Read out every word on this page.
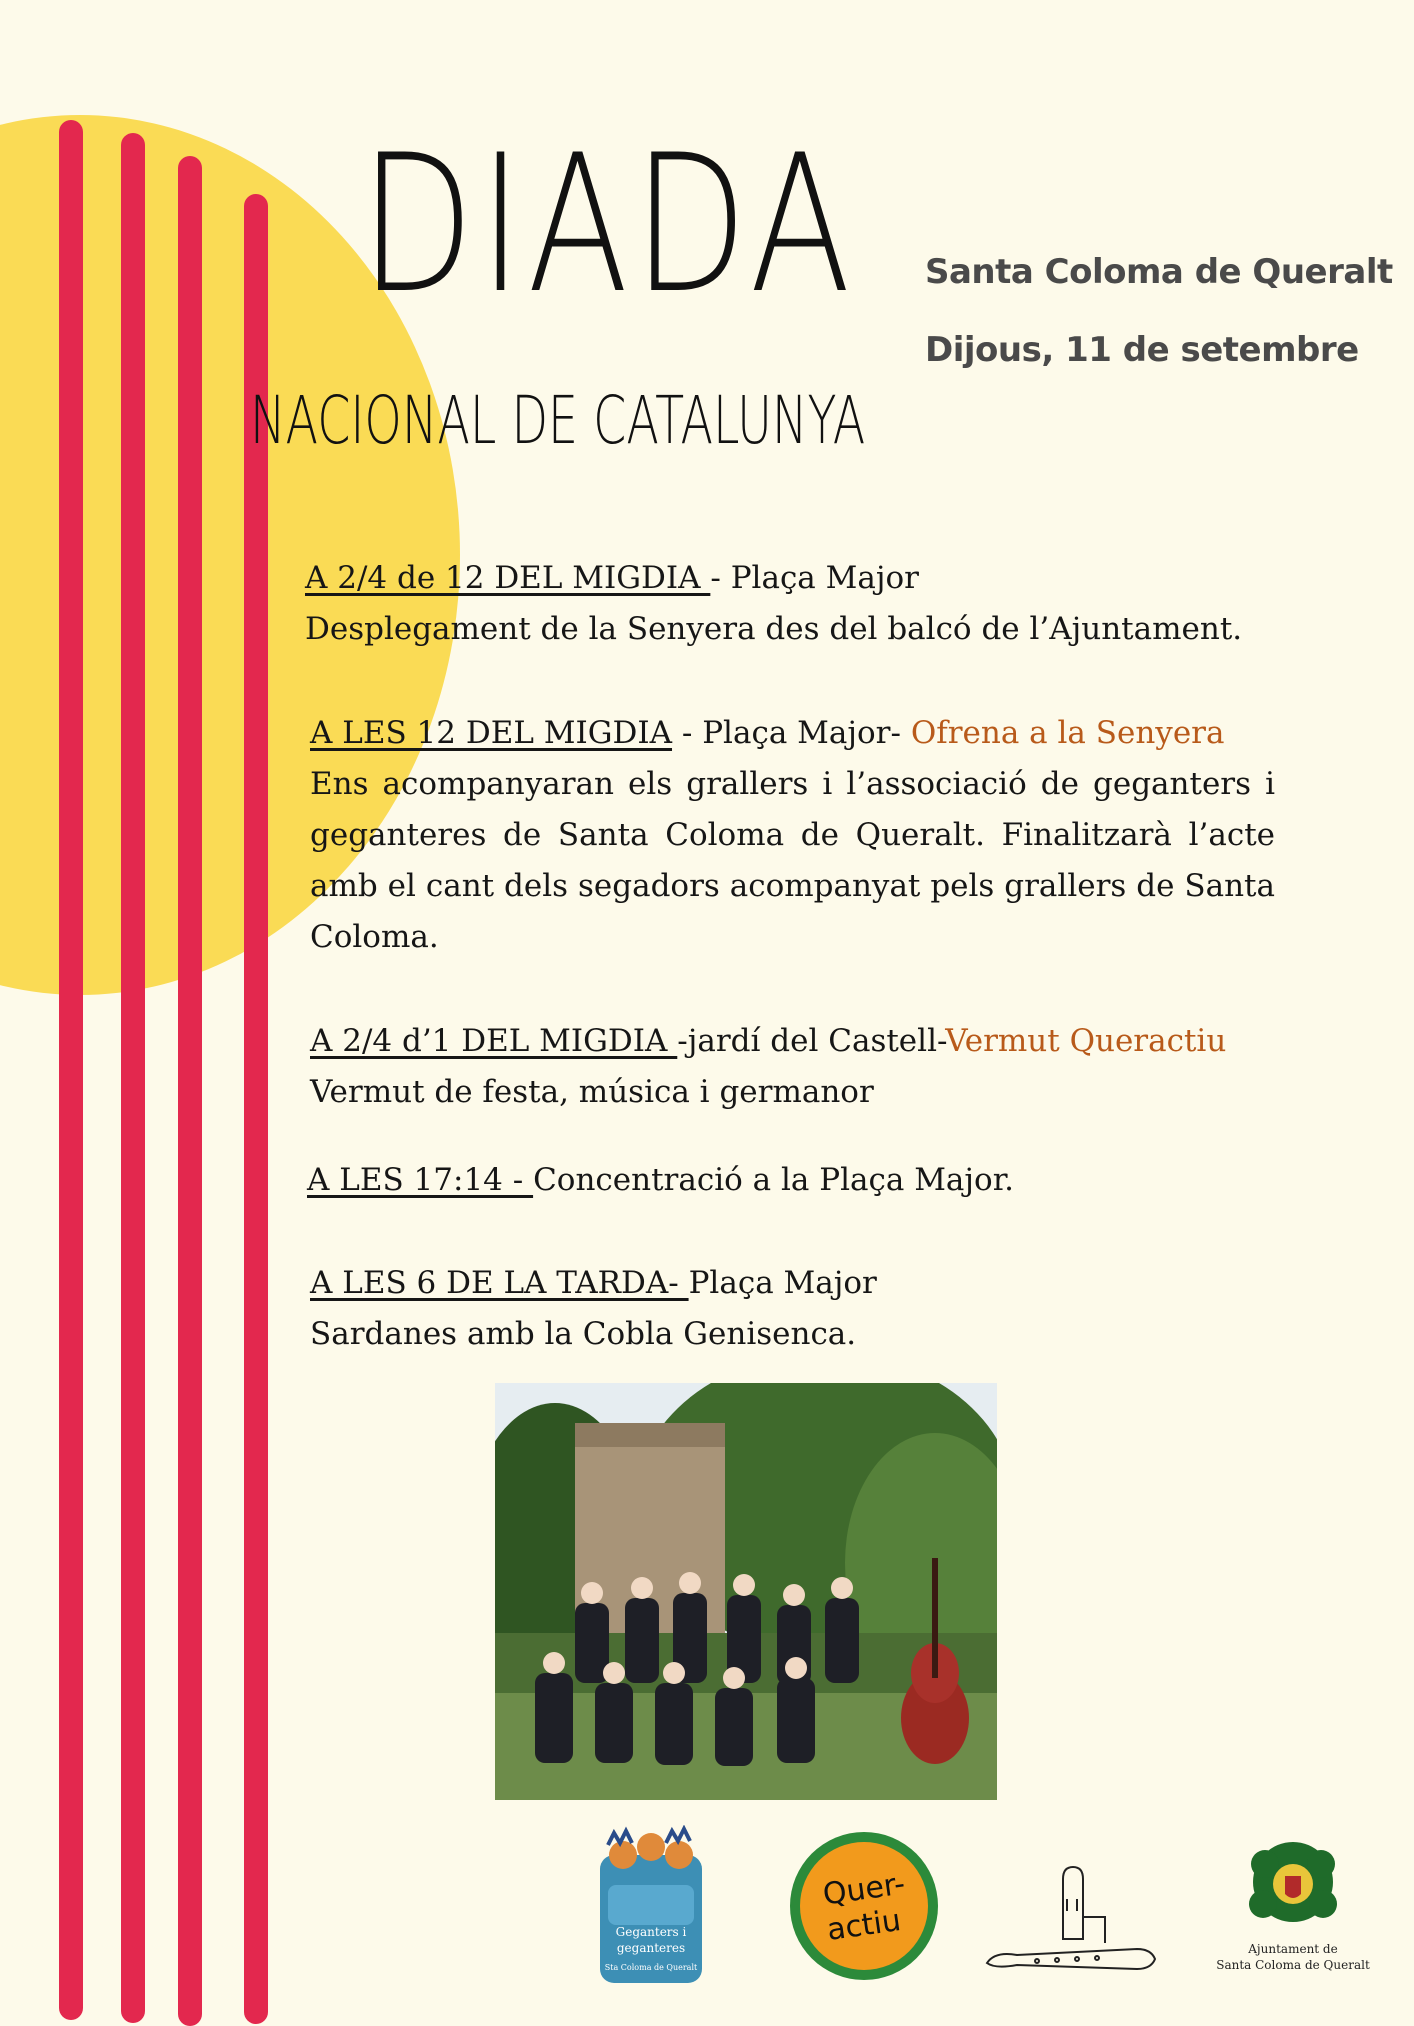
DIADA
NACIONAL DE CATALUNYA
Santa Coloma de Queralt
Dijous, 11 de setembre

A 2/4 de 12 DEL MIGDIA - Plaça Major

Desplegament de la Senyera des del balcó de l’Ajuntament.

A LES 12 DEL MIGDIA - Plaça Major- Ofrena a la Senyera

Ens acompanyaran els grallers i l’associació de geganters i geganteres de Santa Coloma de Queralt. Finalitzarà l’acte amb el cant dels segadors acompanyat pels grallers de Santa Coloma.

A 2/4 d’1 DEL MIGDIA -jardí del Castell-Vermut Queractiu

Vermut de festa, música i germanor

A LES 17:14 - Concentració a la Plaça Major.

A LES 6 DE LA TARDA- Plaça Major

Sardanes amb la Cobla Genisenca.

Geganters i
geganteres
Sta Coloma de Queralt
Quer-
actiu
Ajuntament de
Santa Coloma de Queralt
